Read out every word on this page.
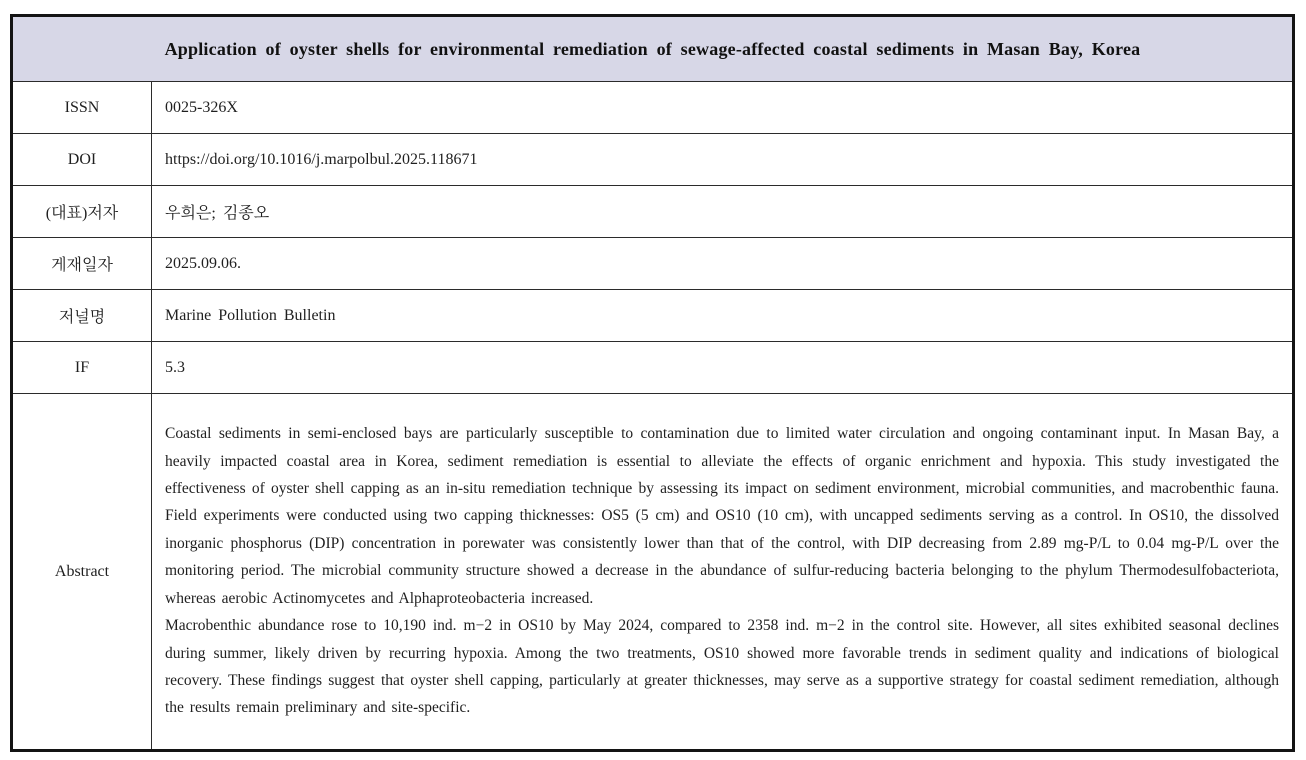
Application of oyster shells for environmental remediation of sewage-affected coastal sediments in Masan Bay, Korea	
ISSN	0025-326X
DOI	https://doi.org/10.1016/j.marpolbul.2025.118671
(대표)저자	우희은; 김종오
게재일자	2025.09.06.
저널명	Marine Pollution Bulletin
IF	5.3
Abstract	Coastal sediments in semi-enclosed bays are particularly susceptible to contamination due to limited water circulation and ongoing contaminant input. In Masan Bay, a heavily impacted coastal area in Korea, sediment remediation is essential to alleviate the effects of organic enrichment and hypoxia. This study investigated the effectiveness of oyster shell capping as an in-situ remediation technique by assessing its impact on sediment environment, microbial communities, and macrobenthic fauna. Field experiments were conducted using two capping thicknesses: OS5 (5 cm) and OS10 (10 cm), with uncapped sediments serving as a control. In OS10, the dissolved inorganic phosphorus (DIP) concentration in porewater was consistently lower than that of the control, with DIP decreasing from 2.89 mg-P/L to 0.04 mg-P/L over the monitoring period. The microbial community structure showed a decrease in the abundance of sulfur-reducing bacteria belonging to the phylum Thermodesulfobacteriota, whereas aerobic Actinomycetes and Alphaproteobacteria increased.

Macrobenthic abundance rose to 10,190 ind. m−2 in OS10 by May 2024, compared to 2358 ind. m−2 in the control site. However, all sites exhibited seasonal declines during summer, likely driven by recurring hypoxia. Among the two treatments, OS10 showed more favorable trends in sediment quality and indications of biological recovery. These findings suggest that oyster shell capping, particularly at greater thicknesses, may serve as a supportive strategy for coastal sediment remediation, although the results remain preliminary and site-specific.
